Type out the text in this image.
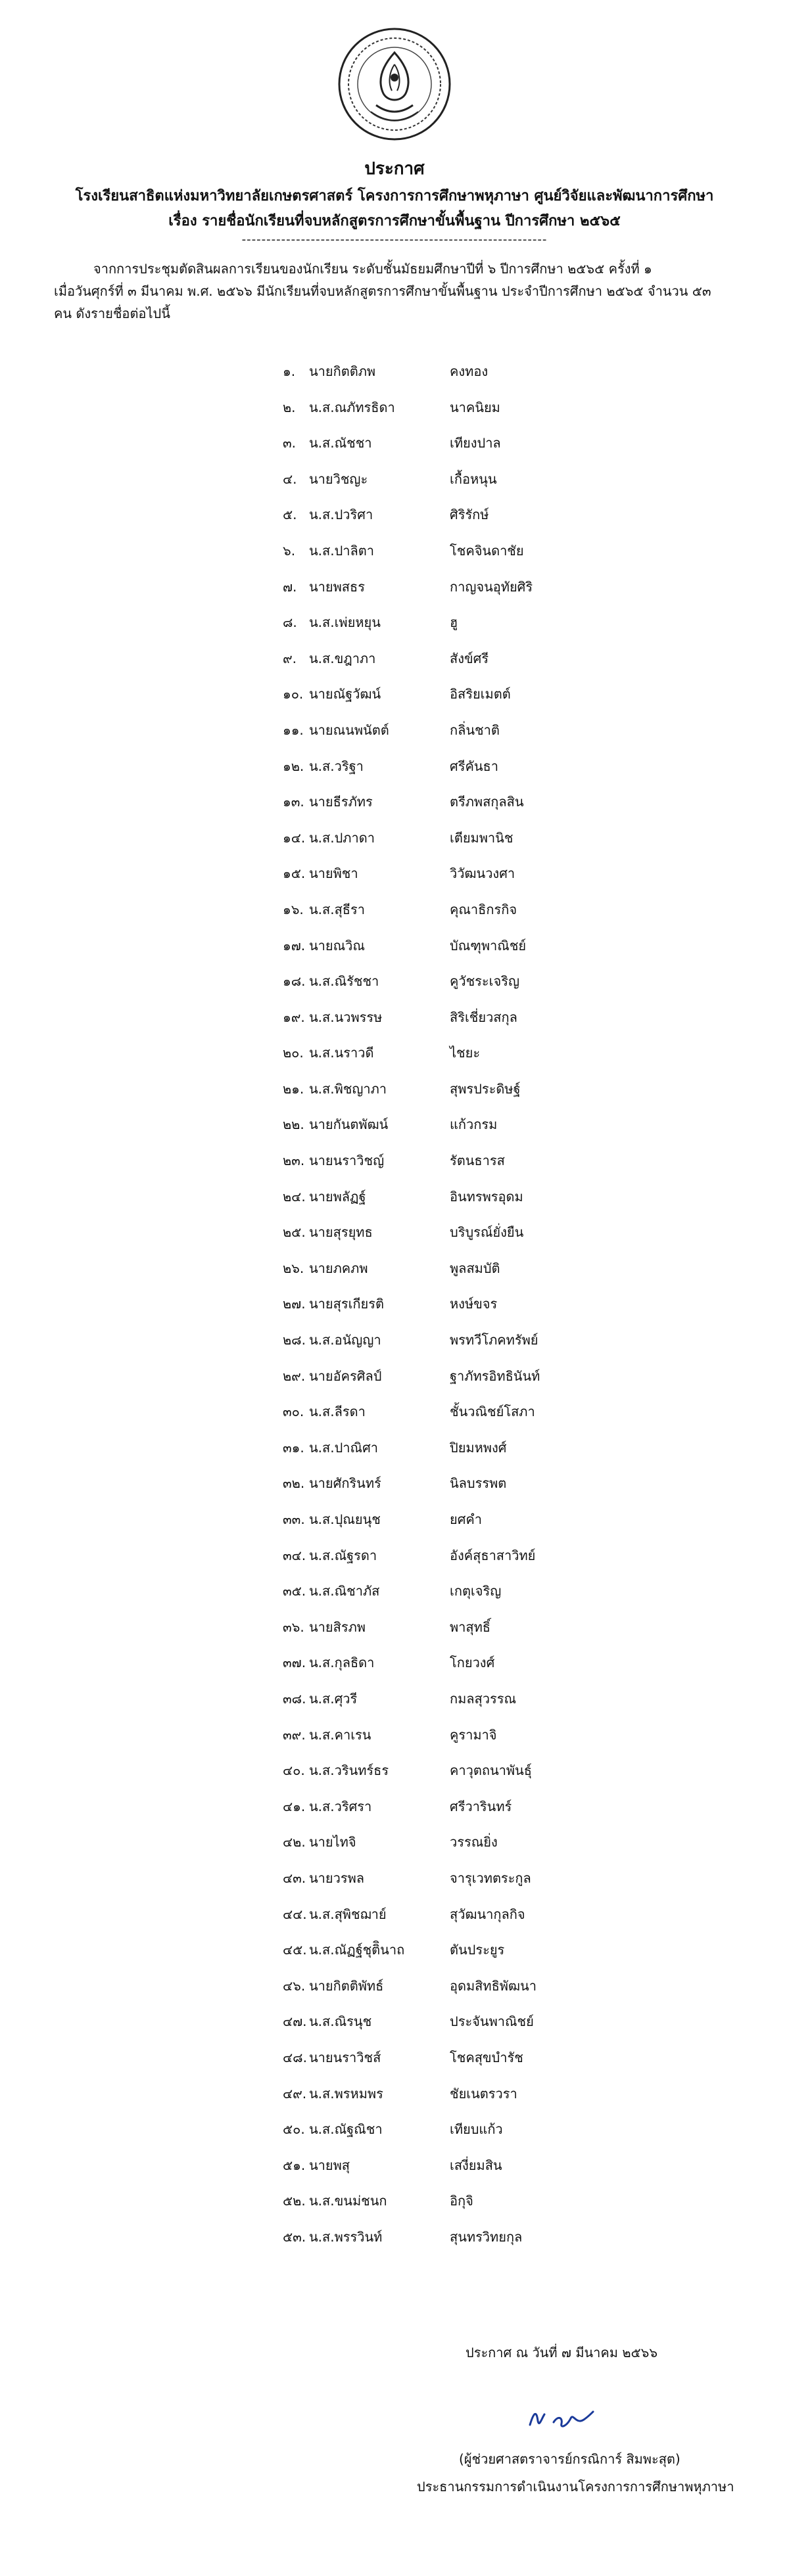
ประกาศ
โรงเรียนสาธิตแห่งมหาวิทยาลัยเกษตรศาสตร์ โครงการการศึกษาพหุภาษา ศูนย์วิจัยและพัฒนาการศึกษา
เรื่อง รายชื่อนักเรียนที่จบหลักสูตรการศึกษาขั้นพื้นฐาน ปีการศึกษา ๒๕๖๕
--------------------------------------------------------------
จากการประชุมตัดสินผลการเรียนของนักเรียน ระดับชั้นมัธยมศึกษาปีที่ ๖ ปีการศึกษา ๒๕๖๕ ครั้งที่ ๑
เมื่อวันศุกร์ที่ ๓ มีนาคม พ.ศ. ๒๕๖๖ มีนักเรียนที่จบหลักสูตรการศึกษาขั้นพื้นฐาน ประจำปีการศึกษา ๒๕๖๕ จำนวน ๕๓
คน ดังรายชื่อต่อไปนี้
๑.	นายกิตติภพ	คงทอง
๒.	น.ส.ณภัทรธิดา	นาคนิยม
๓. น.ส.ณัชชา	เทียงปาล
๔. นายวิชญะ	เกื้อหนุน
๕. น.ส.ปวริศา	ศิริรักษ์
๖.	น.ส.ปาลิตา	โชคจินดาชัย
๗. นายพสธร	กาญจนอุทัยศิริ
๘. น.ส.เพ่ยหยุน	ฮู
๙. น.ส.ขฎาภา	สังข์ศรี
๑๐. นายณัฐวัฒน์	อิสริยเมตต์
๑๑. นายณนพนัตต์	กลิ่นชาติ
๑๒. น.ส.วริฐา	ศรีคันธา
๑๓. นายธีรภัทร	ตรีภพสกุลสิน
๑๔. น.ส.ปภาดา	เตียมพานิช
๑๕. นายพิชา	วิวัฒนวงศา
๑๖. น.ส.สุธีรา	คุณาธิกรกิจ
๑๗. นายณวิณ	บัณฑุพาณิชย์
๑๘. น.ส.ณิรัชชา	คูวัชระเจริญ
๑๙. น.ส.นวพรรษ	สิริเชี่ยวสกุล
๒๐. น.ส.นราวดี	ไชยะ
๒๑. น.ส.พิชญาภา	สุพรประดิษฐ์
๒๒. นายกันตพัฒน์	แก้วกรม
๒๓. นายนราวิชญ์	รัตนธารส
๒๔. นายพลัฏฐ์	อินทรพรอุดม
๒๕. นายสุรยุทธ	บริบูรณ์ยั่งยืน
๒๖. นายภคภพ	พูลสมบัติ
๒๗. นายสุรเกียรติ	หงษ์ขจร
๒๘. น.ส.อนัญญา	พรทวีโภคทรัพย์
๒๙. นายอัครศิลป์	ฐาภัทรอิทธินันท์
๓๐. น.ส.ลีรดา	ชั้นวณิชย์โสภา
๓๑. น.ส.ปาณิศา	ปิยมหพงศ์
๓๒. นายศักรินทร์	นิลบรรพต
๓๓. น.ส.ปุณยนุช	ยศคำ
๓๔. น.ส.ณัฐรดา	อังค์สุธาสาวิทย์
๓๕. น.ส.ณิชาภัส	เกตุเจริญ
๓๖. นายสิรภพ	พาสุทธิ์
๓๗. น.ส.กุลธิดา	โกยวงศ์
๓๘. น.ส.ศุวรี	กมลสุวรรณ
๓๙. น.ส.คาเรน	คูรามาจิ
๔๐. น.ส.วรินทร์ธร	คาวุตถนาพันธุ์
๔๑. น.ส.วริศรา	ศรีวารินทร์
๔๒. นายไทจิ	วรรณยิ่ง
๔๓. นายวรพล	จารุเวทตระกูล
๔๔. น.ส.สุพิชฌาย์	สุวัฒนากุลกิจ
๔๕. น.ส.ณัฏฐ์ชุติินาถ	ตันประยูร
๔๖. นายกิตติพัทธ์	อุดมสิทธิพัฒนา
๔๗. น.ส.ณิรนุช	ประจันพาณิชย์
๔๘. นายนราวิชส์	โชคสุขบำรัช
๔๙. น.ส.พรหมพร	ชัยเนตรวรา
๕๐. น.ส.ณัฐณิชา	เทียบแก้ว
๕๑. นายพสุ	เสงี่ยมสิน
๕๒. น.ส.ขนม่ชนก	อิกุจิ
๕๓. น.ส.พรรวินท์	สุนทรวิทยกุล
ประกาศ ณ วันที่ ๗ มีนาคม ๒๕๖๖
(ผู้ช่วยศาสตราจารย์กรณิการ์ สิมพะสุต)
ประธานกรรมการดำเนินงานโครงการการศึกษาพหุภาษา
